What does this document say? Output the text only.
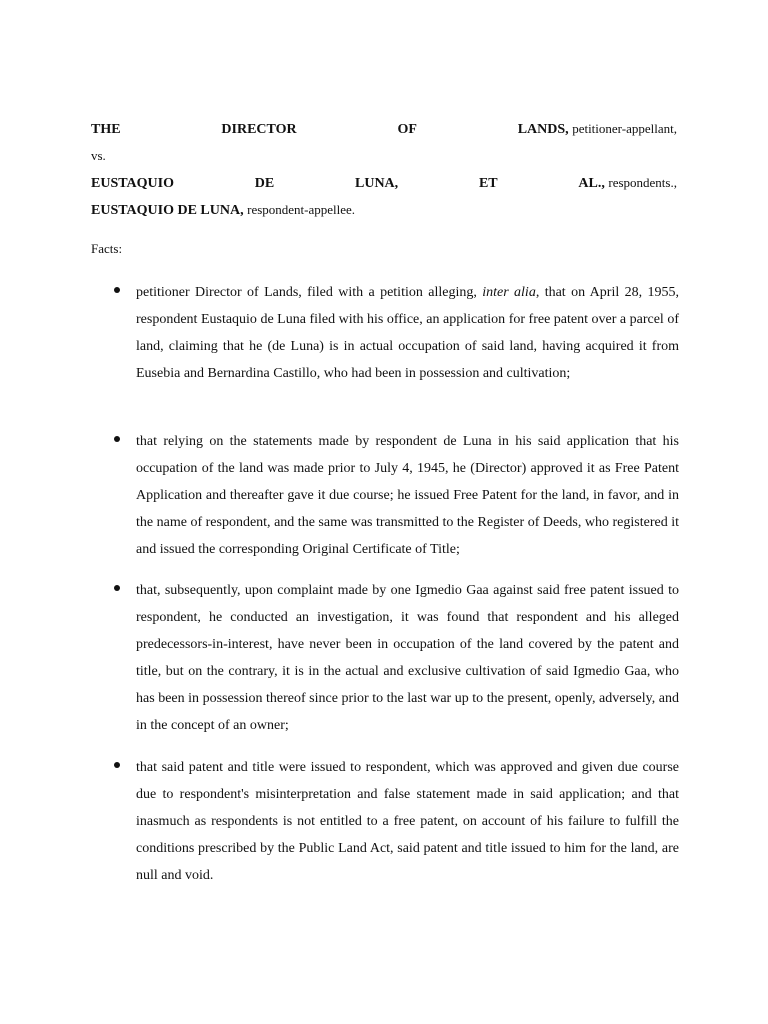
THE	DIRECTOR	OF	LANDS, petitioner-appellant,
vs.
EUSTAQUIO	DE	LUNA,	ET	AL., respondents.,
EUSTAQUIO DE LUNA, respondent-appellee.
Facts:

petitioner Director of Lands, filed with a petition alleging, inter alia, that on April 28, 1955, respondent Eustaquio de Luna filed with his office, an application for free patent over a parcel of land, claiming that he (de Luna) is in actual occupation of said land, having acquired it from Eusebia and Bernardina Castillo, who had been in possession and cultivation;

that relying on the statements made by respondent de Luna in his said application that his occupation of the land was made prior to July 4, 1945, he (Director) approved it as Free Patent Application and thereafter gave it due course; he issued Free Patent for the land, in favor, and in the name of respondent, and the same was transmitted to the Register of Deeds, who registered it and issued the corresponding Original Certificate of Title;

that, subsequently, upon complaint made by one Igmedio Gaa against said free patent issued to respondent, he conducted an investigation, it was found that respondent and his alleged predecessors-in-interest, have never been in occupation of the land covered by the patent and title, but on the contrary, it is in the actual and exclusive cultivation of said Igmedio Gaa, who has been in possession thereof since prior to the last war up to the present, openly, adversely, and in the concept of an owner;

that said patent and title were issued to respondent, which was approved and given due course due to respondent's misinterpretation and false statement made in said application; and that inasmuch as respondents is not entitled to a free patent, on account of his failure to fulfill the conditions prescribed by the Public Land Act, said patent and title issued to him for the land, are null and void.
